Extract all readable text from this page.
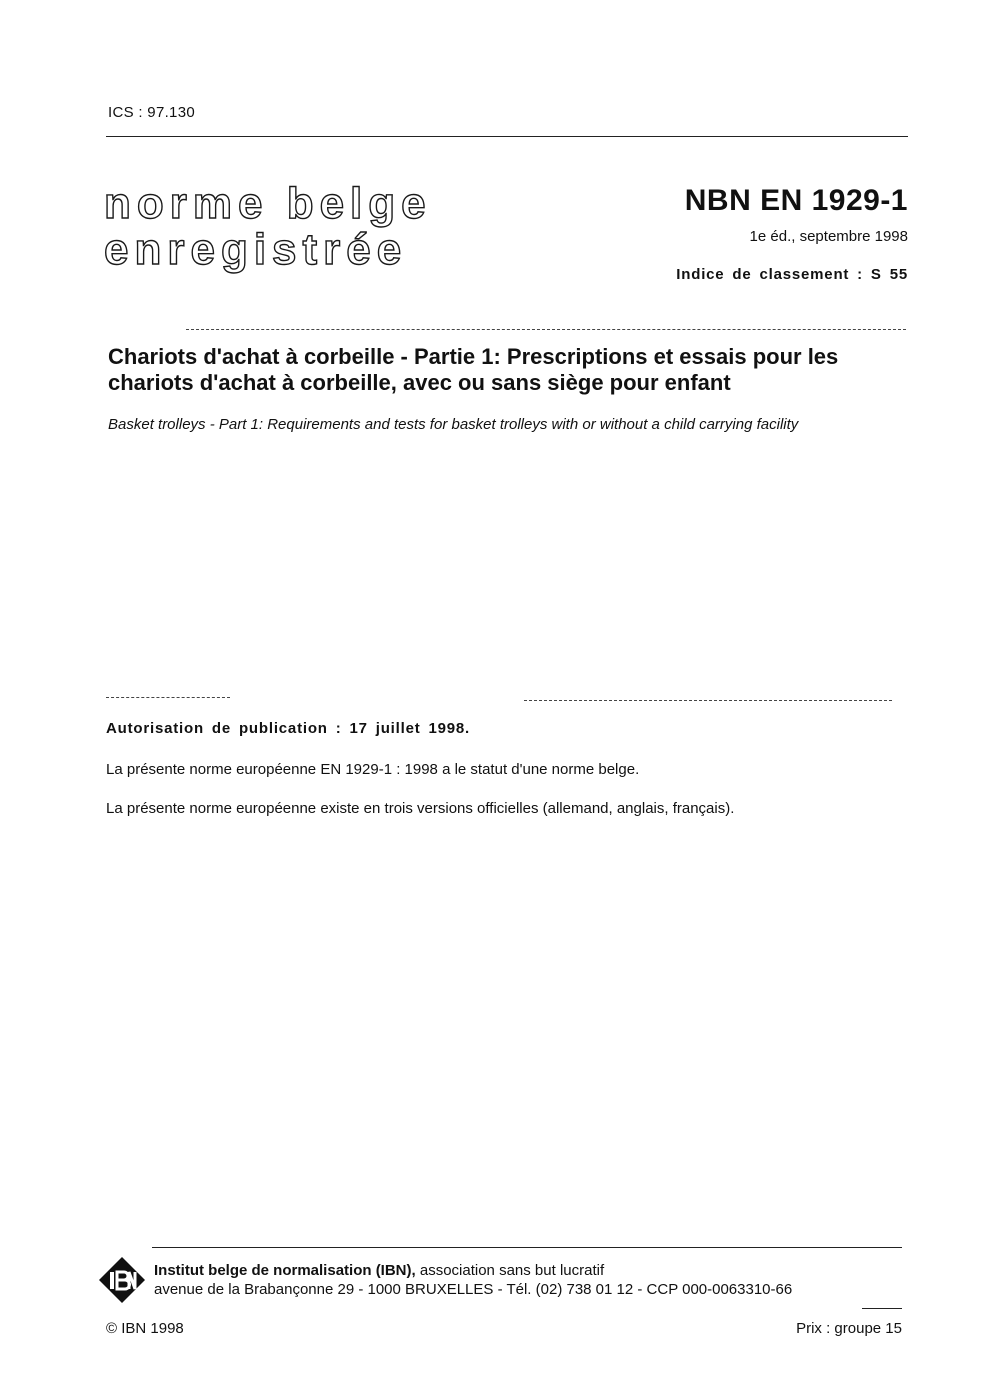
ICS : 97.130
norme belge
enregistrée
NBN EN 1929-1
1e éd., septembre 1998
Indice de classement : S 55
Chariots d'achat à corbeille - Partie 1: Prescriptions et essais pour les chariots d'achat à corbeille, avec ou sans siège pour enfant
Basket trolleys - Part 1: Requirements and tests for basket trolleys with or without a child carrying facility
Autorisation de publication : 17 juillet 1998.
La présente norme européenne EN 1929-1 : 1998 a le statut d'une norme belge.
La présente norme européenne existe en trois versions officielles (allemand, anglais, français).
Institut belge de normalisation (IBN), association sans but lucratif
avenue de la Brabançonne 29 - 1000 BRUXELLES - Tél. (02) 738 01 12 - CCP 000-0063310-66
© IBN 1998	Prix : groupe 15
